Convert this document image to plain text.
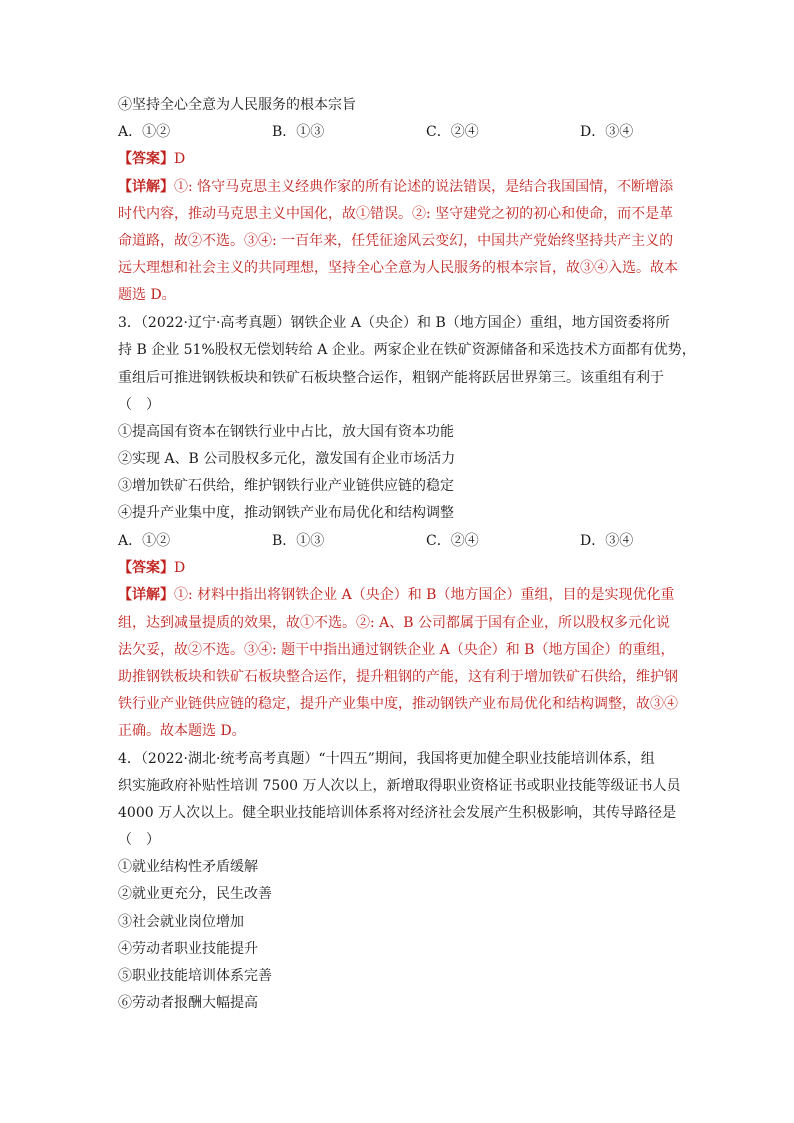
④坚持全心全意为人民服务的根本宗旨
A．①②	B．①③	C．②④	D．③④
【答案】D
【详解】①: 恪守马克思主义经典作家的所有论述的说法错误，是结合我国国情，不断增添
时代内容，推动马克思主义中国化，故①错误。②: 坚守建党之初的初心和使命，而不是革
命道路，故②不选。③④: 一百年来，任凭征途风云变幻，中国共产党始终坚持共产主义的
远大理想和社会主义的共同理想，坚持全心全意为人民服务的根本宗旨，故③④入选。故本
题选 D。
3．（2022·辽宁·高考真题）钢铁企业 A（央企）和 B（地方国企）重组，地方国资委将所
持 B 企业 51%股权无偿划转给 A 企业。两家企业在铁矿资源储备和采选技术方面都有优势，
重组后可推进钢铁板块和铁矿石板块整合运作，粗钢产能将跃居世界第三。该重组有利于
（　）
①提高国有资本在钢铁行业中占比，放大国有资本功能
②实现 A、B 公司股权多元化，激发国有企业市场活力
③增加铁矿石供给，维护钢铁行业产业链供应链的稳定
④提升产业集中度，推动钢铁产业布局优化和结构调整
A．①②	B．①③	C．②④	D．③④
【答案】D
【详解】①: 材料中指出将钢铁企业 A（央企）和 B（地方国企）重组，目的是实现优化重
组，达到减量提质的效果，故①不选。②: A、B 公司都属于国有企业，所以股权多元化说
法欠妥，故②不选。③④: 题干中指出通过钢铁企业 A（央企）和 B（地方国企）的重组，
助推钢铁板块和铁矿石板块整合运作，提升粗钢的产能，这有利于增加铁矿石供给，维护钢
铁行业产业链供应链的稳定，提升产业集中度，推动钢铁产业布局优化和结构调整，故③④
正确。故本题选 D。
4．（2022·湖北·统考高考真题）“十四五”期间，我国将更加健全职业技能培训体系，组
织实施政府补贴性培训 7500 万人次以上，新增取得职业资格证书或职业技能等级证书人员
4000 万人次以上。健全职业技能培训体系将对经济社会发展产生积极影响，其传导路径是
（　）
①就业结构性矛盾缓解
②就业更充分，民生改善
③社会就业岗位增加
④劳动者职业技能提升
⑤职业技能培训体系完善
⑥劳动者报酬大幅提高
